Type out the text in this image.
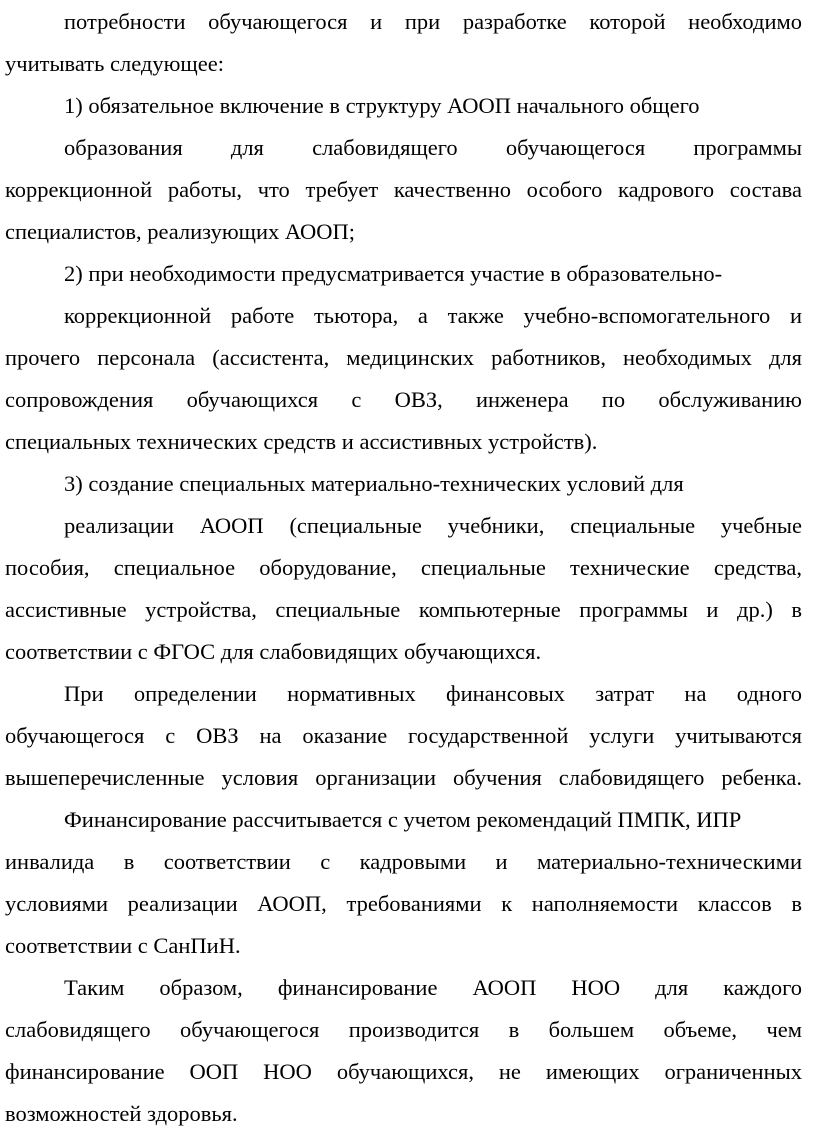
потребности обучающегося и при разработке которой необходимо
учитывать следующее:
1) обязательное включение в структуру АООП начального общего
образования для слабовидящего обучающегося программы
коррекционной работы, что требует качественно особого кадрового состава
специалистов, реализующих АООП;
2) при необходимости предусматривается участие в образовательно-
коррекционной работе тьютора, а также учебно-вспомогательного и
прочего персонала (ассистента, медицинских работников, необходимых для
сопровождения обучающихся с ОВЗ, инженера по обслуживанию
специальных технических средств и ассистивных устройств).
3) создание специальных материально-технических условий для
реализации АООП (специальные учебники, специальные учебные
пособия, специальное оборудование, специальные технические средства,
ассистивные устройства, специальные компьютерные программы и др.) в
соответствии с ФГОС для слабовидящих обучающихся.
При определении нормативных финансовых затрат на одного
обучающегося с ОВЗ на оказание государственной услуги учитываются
вышеперечисленные условия организации обучения слабовидящего ребенка.
Финансирование рассчитывается с учетом рекомендаций ПМПК, ИПР
инвалида в соответствии с кадровыми и материально-техническими
условиями реализации АООП, требованиями к наполняемости классов в
соответствии с СанПиН.
Таким образом, финансирование АООП НОО для каждого
слабовидящего обучающегося производится в большем объеме, чем
финансирование ООП НОО обучающихся, не имеющих ограниченных
возможностей здоровья.
